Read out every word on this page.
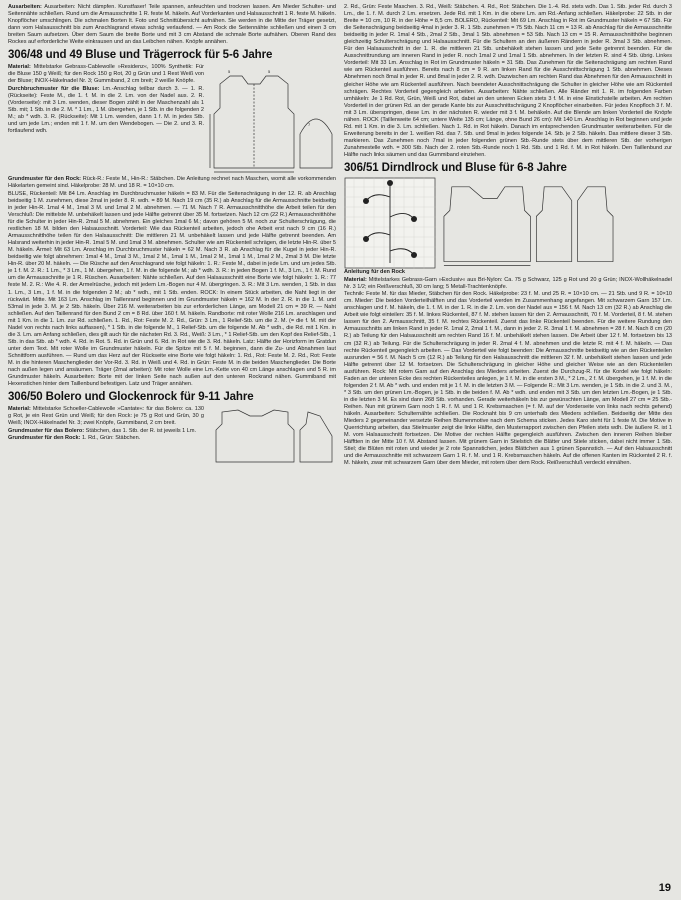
Ausarbeiten: Ausarbeiten: Nicht dämpfen. Kunstfaser! Teile spannen, anfeuchten und trocknen lassen. Am Mieder Schulter- und Seitennähte schließen. Rund um die Armausschnitte 1 R. feste M. häkeln. Auf Vorderkanten und Halsausschnitt 1 R. feste M. häkeln. Knopflöcher umschlingen. Die schmalen Borten lt. Foto und Schnittübersicht aufnähen. Sie werden in die Mitte der Träger gesetzt, dann vom Halsausschnitt bis zum Anschlagrand etwas schräg verlaufend. — Am Rock die Seitennähte schließen und einen 3 cm breiten Saum aufsetzen. Über dem Saum die breite Borte und mit 3 cm Abstand die schmale Borte aufnähen. Oberen Rand des Rockes auf erforderliche Weite einkrausen und an das Leibchen nähen. Knöpfe annähen.

306/48 und 49 Bluse und Trägerrock für 5-6 Jahre

Material: Mittelstarke Gebrass-Cablewolle »Residenz«, 100% Synthetik: Für die Bluse 150 g Weiß; für den Rock 150 g Rot, 20 g Grün und 1 Rest Weiß von der Bluse; INOX-Häkelnadel Nr. 3; Gummiband, 2 cm breit; 2 weiße Knöpfe.

Durchbruchmuster für die Bluse: Lm.-Anschlag teilbar durch 3. — 1. R. (Rückseite): Feste M., die 1. f. M. in die 2. Lm. von der Nadel aus. 2. R. (Vorderseite): mit 3 Lm. wenden, dieser Bogen zählt in der Maschenzahl als 1 Stb. mit; 1 Stb. in die 2. M. * 1 Lm., 1 M. übergehen, je 1 Stb. in die folgenden 2 M.; ab * wdh. 3. R. (Rückseite): Mit 1 Lm. wenden, dann 1 f. M. in jedes Stb. und um jede Lm.; enden mit 1 f. M. um den Wendebogen. — Die 2. und 3. R. fortlaufend wdh.

5	5
7

Grundmuster für den Rock: Rück-R.: Feste M., Hin-R.: Stäbchen. Die Anleitung rechnet nach Maschen, womit alle vorkommenden Häkelarten gemeint sind. Häkelprobe: 28 M. und 18 R. = 10×10 cm.

BLUSE, Rückenteil: Mit 84 Lm. Anschlag im Durchbruchmuster häkeln = 83 M. Für die Seitenschrägung in der 12. R. ab Anschlag beidseitig 1 M. zunehmen, diese 2mal in jeder 8. R. wdh. = 89 M. Nach 19 cm (35 R.) ab Anschlag für die Armausschnitte beidseitig in jeder Hin-R. 1mal 4 M., 1mal 3 M. und 1mal 2 M. abnehmen. — 71 M. Nach 7 R. Armausschnitthöhe die Arbeit teilen für den Verschluß: Die mittelste M. unbehäkelt lassen und jede Hälfte getrennt über 35 M. fortsetzen. Nach 12 cm (22 R.) Armausschnitthöhe für die Schulter in jeder Hin-R. 2mal 5 M. abnehmen. Ein gleiches 1mal 6 M.; davon gehören 5 M. noch zur Schulterschrägung, die restlichen 18 M. bilden den Halsausschnitt. Vorderteil: Wie das Rückenteil arbeiten, jedoch ohe Arbeit erst nach 9 cm (16 R.) Armausschnitthöhe teilen für den Halsausschnitt: Die mittleren 21 M. unbehäkelt lassen und jede Hälfte getrennt beenden. Am Halsrand weiterhin in jeder Hin-R. 1mal 5 M. und 1mal 3 M. abnehmen. Schulter wie am Rückenteil schrägen, die letzte Hin-R. über 5 M. häkeln. Ärmel: Mit 63 Lm. Anschlag im Durchbruchmuster häkeln = 62 M. Nach 3 R. ab Anschlag für die Kugel in jeder Hin-R. beidseitig wie folgt abnehmen: 1mal 4 M., 1mal 3 M., 1mal 2 M., 1mal 1 M., 1mal 2 M., 1mal 1 M., 1mal 2 M., 2mal 3 M. Die letzte Hin-R. über 20 M. häkeln. — Die Rüsche auf den Anschlagrand wie folgt häkeln: 1. R.: Feste M., dabei in jede Lm. und um jedes Stb. je 1 f. M. 2. R.: 1 Lm., * 3 Lm., 1 M. übergehen, 1 f. M. in die folgende M.; ab * wdh. 3. R.: in jeden Bogen 1 f. M., 3 Lm., 1 f. M. Rund um die Armausschnitte je 1 R. Rüschen. Ausarbeiten: Nähte schließen. Auf den Halsausschnitt eine Borte wie folgt häkeln: 1. R.: 77 feste M. 2. R.: Wie 4. R. der Armelrüsche, jedoch mit jedem Lm.-Bogen nur 4 M. übergringen. 3. R.: Mit 3 Lm. wenden, 1 Stb. in das 1. Lm., 3 Lm., 1 f. M. in die folgenden 2 M.; ab * wdh., mit 1 Stb. enden. ROCK: In einem Stück arbeiten, die Naht liegt in der rückwärt. Mitte. Mit 163 Lm. Anschlag im Taillenrand beginnen und im Grundmuster häkeln = 162 M. In der 2. R. in die 1. M. und 53mal in jede 3. M. je 2 Stb. häkeln. Über 216 M. weiterarbeiten bis zur erforderlichen Länge, am Modell 21 cm = 39 R. — Naht schließen. Auf den Taillenrand für den Bund 2 cm = 8 Rd. über 160 f. M. häkeln. Randborte: mit roter Wolle 216 Lm. anschlagen und mit 1 Km. in die 1. Lm. zur Rd. schließen. 1. Rd., Rot: Feste M. 2. Rd., Grün: 3 Lm., 1 Relief-Stb. um die 2. M. (= die f. M. mit der Nadel von rechts nach links auffassen), * 1 Stb. in die folgende M., 1 Relief-Stb. um die folgende M. Ab * wdh., die Rd. mit 1 Km. in die 3. Lm. am Anfang schließen, dies gilt auch für die nächsten Rd. 3. Rd., Weiß: 3 Lm., * 1 Relief-Stb. um den Kopf des Relief-Stb., 1 Stb. in das Stb. ab * wdh. 4. Rd. in Rot. 5. Rd. in Grün und 6. Rd. in Rot wie die 3. Rd. häkeln. Latz: Hälfte der Horizform im Gratdun unter dem Text. Mit roter Wolle im Grundmuster häkeln. Für die Spitze mit 5 f. M. beginnen, dann die Zu- und Abnahmen laut Schnittform ausführen. — Rund um das Herz auf der Rückseite eine Borte wie folgt häkeln: 1. Rd., Rot: Feste M. 2. Rd., Rot: Feste M. in die hinteren Maschenglieder der Vor-Rd. 3. Rd. in Weiß und 4. Rd. in Grün: Feste M. in die beiden Maschenglieder. Die Borte nach außen legen und ansäumen. Träger (2mal arbeiten): Mit roter Wolle eine Lm.-Kette von 40 cm Länge anschlagen und 5 R. im Grundmuster häkeln. Ausarbeiten: Borte mit der linken Seite nach außen auf den unteren Rockrand nähen. Gummiband mit Hexenstichen hinter dem Taillenbund befestigen. Latz und Träger annähen.

306/50 Bolero und Glockenrock für 9-11 Jahre

Material: Mittelstarke Schoeller-Cablewolle »Cantate«: für das Bolero: ca. 130 g Rot, je ein Rest Grün und Weiß; für den Rock: je 75 g Rot und Grün, 30 g Weiß; INOX-Häkelnadel Nr. 3; zwei Knöpfe, Gummiband, 2 cm breit.

Grundmuster für das Bolero: Stäbchen, das 1. Stb. der R. ist jeweils 1 Lm.

Grundmuster für den Rock: 1. Rd., Grün: Stäbchen.

2. Rd., Grün: Feste Maschen. 3. Rd., Weiß: Stäbchen. 4. Rd., Rot: Stäbchen. Die 1.-4. Rd. stets wdh. Das 1. Stb. jeder Rd. durch 3 Lm., die 1. f. M. durch 2 Lm. ersetzen. Jede Rd. mit 1 Km. in die obere Lm. am Rd.-Anfang schließen. Häkelprobe: 22 Stb. in der Breite = 10 cm, 10 R. in der Höhe = 8,5 cm. BOLERO, Rückenteil: Mit 69 Lm. Anschlag in Rot im Grundmuster häkeln = 67 Stb. Für die Seitenschrägung beidseitig 4mal in jeder 3. R. 1 Stb. zunehmen = 75 Stb. Nach 11 cm = 13 R. ab Anschlag für die Armausschnitte beidseitig in jeder R. 1mal 4 Stb., 2mal 2 Stb., 3mal 1 Stb. abnehmen = 53 Stb. Nach 13 cm = 15 R. Armausschnitthöhe beginnen gleichzeitig Schulterschrägung und Halsausschnitt. Für die Schultern an den äußeren Rändern in jeder R. 3mal 3 Stb. abnehmen. Für den Halsausschnitt in der 1. R. die mittleren 21 Stb. unbehäkelt stehen lassen und jede Seite getrennt beenden. Für die Ausschnittrundung am inneren Rand in jeder R. noch 1mal 2 und 1mal 1 Stb. abnehmen. In der letzten R. sind 4 Stb. übrig. Linkes Vorderteil: Mit 33 Lm. Anschlag in Rot im Grundmuster häkeln = 31 Stb. Das Zunehmen für die Seitenschrägung am rechten Rand wie am Rückenteil ausführen. Bereits nach 8 cm = 9 R. am linken Rand für die Ausschnittschrägung 1 Stb. abnehmen. Dieses Abnehmen noch 8mal in jeder R. und 8mal in jeder 2. R. wdh. Dazwischen am rechten Rand das Abnehmen für den Armausschnitt in gleicher Höhe wie am Rückenteil ausführen. Nach beendeter Ausschnittschrägung die Schulter in gleicher Höhe wie am Rückenteil schrägen. Rechtes Vorderteil gegengleich arbeiten. Ausarbeiten: Nähte schließen. Alle Ränder mit 1. R. im folgenden Farben umhäkeln: Je 1 Rd. Rot, Grün, Weiß und Rot, dabei an den unteren Ecken stets 3 f. M. in eine Einstichstelle arbeiten. Am rechten Vorderteil in der grünen Rd. an der gerade Kante bis zur Ausschnittschrägung 2 Knopflöcher einarbeiten. Für jedes Knopfloch 3 f. M. mit 3 Lm. überspringen, diese Lm. in der nächsten R. wieder mit 3 f. M. behäkeln. Auf die Blende am linken Vorderteil die Knöpfe nähen. ROCK (Taillenweite 64 cm; untere Weite 135 cm; Länge, ohne Bund 26 cm): Mit 140 Lm. Anschlag in Rot beginnen und jede Rd. mit 1 Km. in die 3. Lm. schließen. Nach 1. Rd. in Rot häkeln. Danach im entsprechenden Grundmuster weiterarbeiten. Für die Erweiterung bereits in der 1. weißen Rd. das 7. Stb. und 9mal in jedes folgende 14. Stb. je 2 Stb. häkeln. Das mittlere dieser 3 Stb. markieren. Das Zunehmen noch 7mal in jeder folgenden grünen Stb.-Runde stets über dem mittleren Stb. der vorherigen Zunahmestelle wdh. = 300 Stb. Nach der 2. roten Stb.-Runde noch 1 Rd. Stb. und 1 Rd. f. M. in Rot häkeln. Den Taillenbund zur Hälfte nach links säumen und das Gummiband einziehen.

306/51 Dirndlrock und Bluse für 6-8 Jahre

Anleitung für den Rock

Material: Mittelstarkes Gebrass-Garn »Exclusiv« aus Bri-Nylon: Ca. 75 g Schwarz, 125 g Rot und 20 g Grün; INOX-Wollhäkelnadel Nr. 3 1/2; ein Reißverschluß, 30 cm lang; 5 Metall-Trachtenknöpfe.

Technik: Feste M. für das Mieder, Stäbchen für den Rock. Häkelprobe: 23 f. M. und 25 R. = 10×10 cm. — 21 Stb. und 9 R. = 10×10 cm. Mieder: Die beiden Vorderteilhälften und das Vorderteil werden im Zusammenhang angefangen. Mit schwarzem Garn 157 Lm. anschlagen und f. M. häkeln, die 1. f. M. in der 1. R. in die 2. Lm. von der Nadel aus = 156 f. M. Nach 13 cm (32 R.) ab Anschlag die Arbeit wie folgt einteilen: 35 f. M. linkes Rückenteil, 87 f. M. stehen lassen für den 2. Armausschnitt, 70 f. M. Vorderteil, 8 f. M. stehen lassen für den 2. Armausschnitt, 35 f. M. rechtes Rückenteil. Zuerst das linke Rückenteil beenden. Für die weitere Rundung den Armausschnitts am linken Rand in jeder R. 1mal 2, 2mal 1 f. M., dann in jeder 2. R. 3mal 1 f. M. abnehmen = 28 f. M. Nach 8 cm (20 R.) ab Teilung für den Halsausschnitt am rechten Rand 16 f. M. unbehäkelt stehen lassen. Die Arbeit über 12 f. M. fortsetzen bis 13 cm (32 R.) ab Teilung. Für die Schulterschrägung in jeder R. 2mal 4 f. M. abnehmen und die letzte R. mit 4 f. M. häkeln. — Das rechte Rückenteil gegengleich arbeiten. — Das Vorderteil wie folgt beenden: Die Armausschnitte beidseitig wie an den Rückenteilen ausrunden = 56 f. M. Nach 5 cm (12 R.) ab Teilung für den Halsausschnitt die mittleren 32 f. M. unbehäkelt stehen lassen und jede Hälfte getrennt über 12 M. fortsetzen. Die Schulterschrägung in gleicher Höhe und gleicher Weise wie an den Rückenteilen ausführen. Rock: Mit rotem Garn auf den Anschlag des Mieders arbeiten. Zuerst die Durchzug-R. für die Kordel wie folgt häkeln: Faden an der unteren Ecke des rechten Rückenteiles anlegen, je 1 f. M. in die ersten 3 M., * 2 Lm., 2 f. M. übergehen, je 1 f. M. in die folgenden 2 f. M. Ab * wdh. und enden mit je 1 f. M. in die letzten 3 M. — Folgende R.: Mit 3 Lm. wenden, je 1 Stb. in die 2. und 3. M., * 3 Stb. um den grünen Lm.-Bogen, je 1 Stb. in die beiden f. M. Ab * wdh. und enden mit 3 Stb. um den letzten Lm.-Bogen, je 1 Stb. in die letzten 3 M. Es sind dann 268 Stb. vorhanden. Gerade weiterhäkeln bis zur gewünschten Länge, am Modell 27 cm = 25 Stb.-Reihen. Nun mit grünem Garn noch 1 R. f. M. und 1 R. Krebsmaschen (= f. M. auf der Vorderseite von links nach rechts gehend) häkeln. Ausarbeiten: Schulternähte schließen. Die Rocknaht bis 9 cm unterhalb des Mieders schließen. Beidseitig der Mitte des Mieders 2 gegeneinander versetzte Reihen Blumenmotive nach dem Schema sticken. Jedes Karo steht für 1 feste M. Die Motive in Querrichtung arbeiten, das Stielmuster zeigt die linke Hälfte, den Musterrapport zwischen den Pfeilen stets wdh. Die äußere R. ist 1 M. vom Halsausschnitt fortsetzen. Die Motive der rechten Hälfte gegengleich ausführen. Zwischen den inneren Reihen bleiber Häfftten in der Mitte 10 f. M. Abstand lassen. Mit grünem Garn in Stielstich die Blätter und Stiele sticken, dabei nicht immer 1 Stb. Stiel; die Blüten mit roten und wieder je 2 rote Spannstichen, jedes Blättchen aus 1 grünen Spannstich. — Auf den Halsausschnitt und die Armausschnitte mit schwarzem Garn 1 R. f. M. und 1 R. Krebsmaschen häkeln. Auf die offenen Kanten im Rückenteil 2 R. f. M. häkeln, zwar mit schwarzem Garn über dem Mieder, mit rotem über dem Rock. Reißverschluß verdeckt einnähen.

19
